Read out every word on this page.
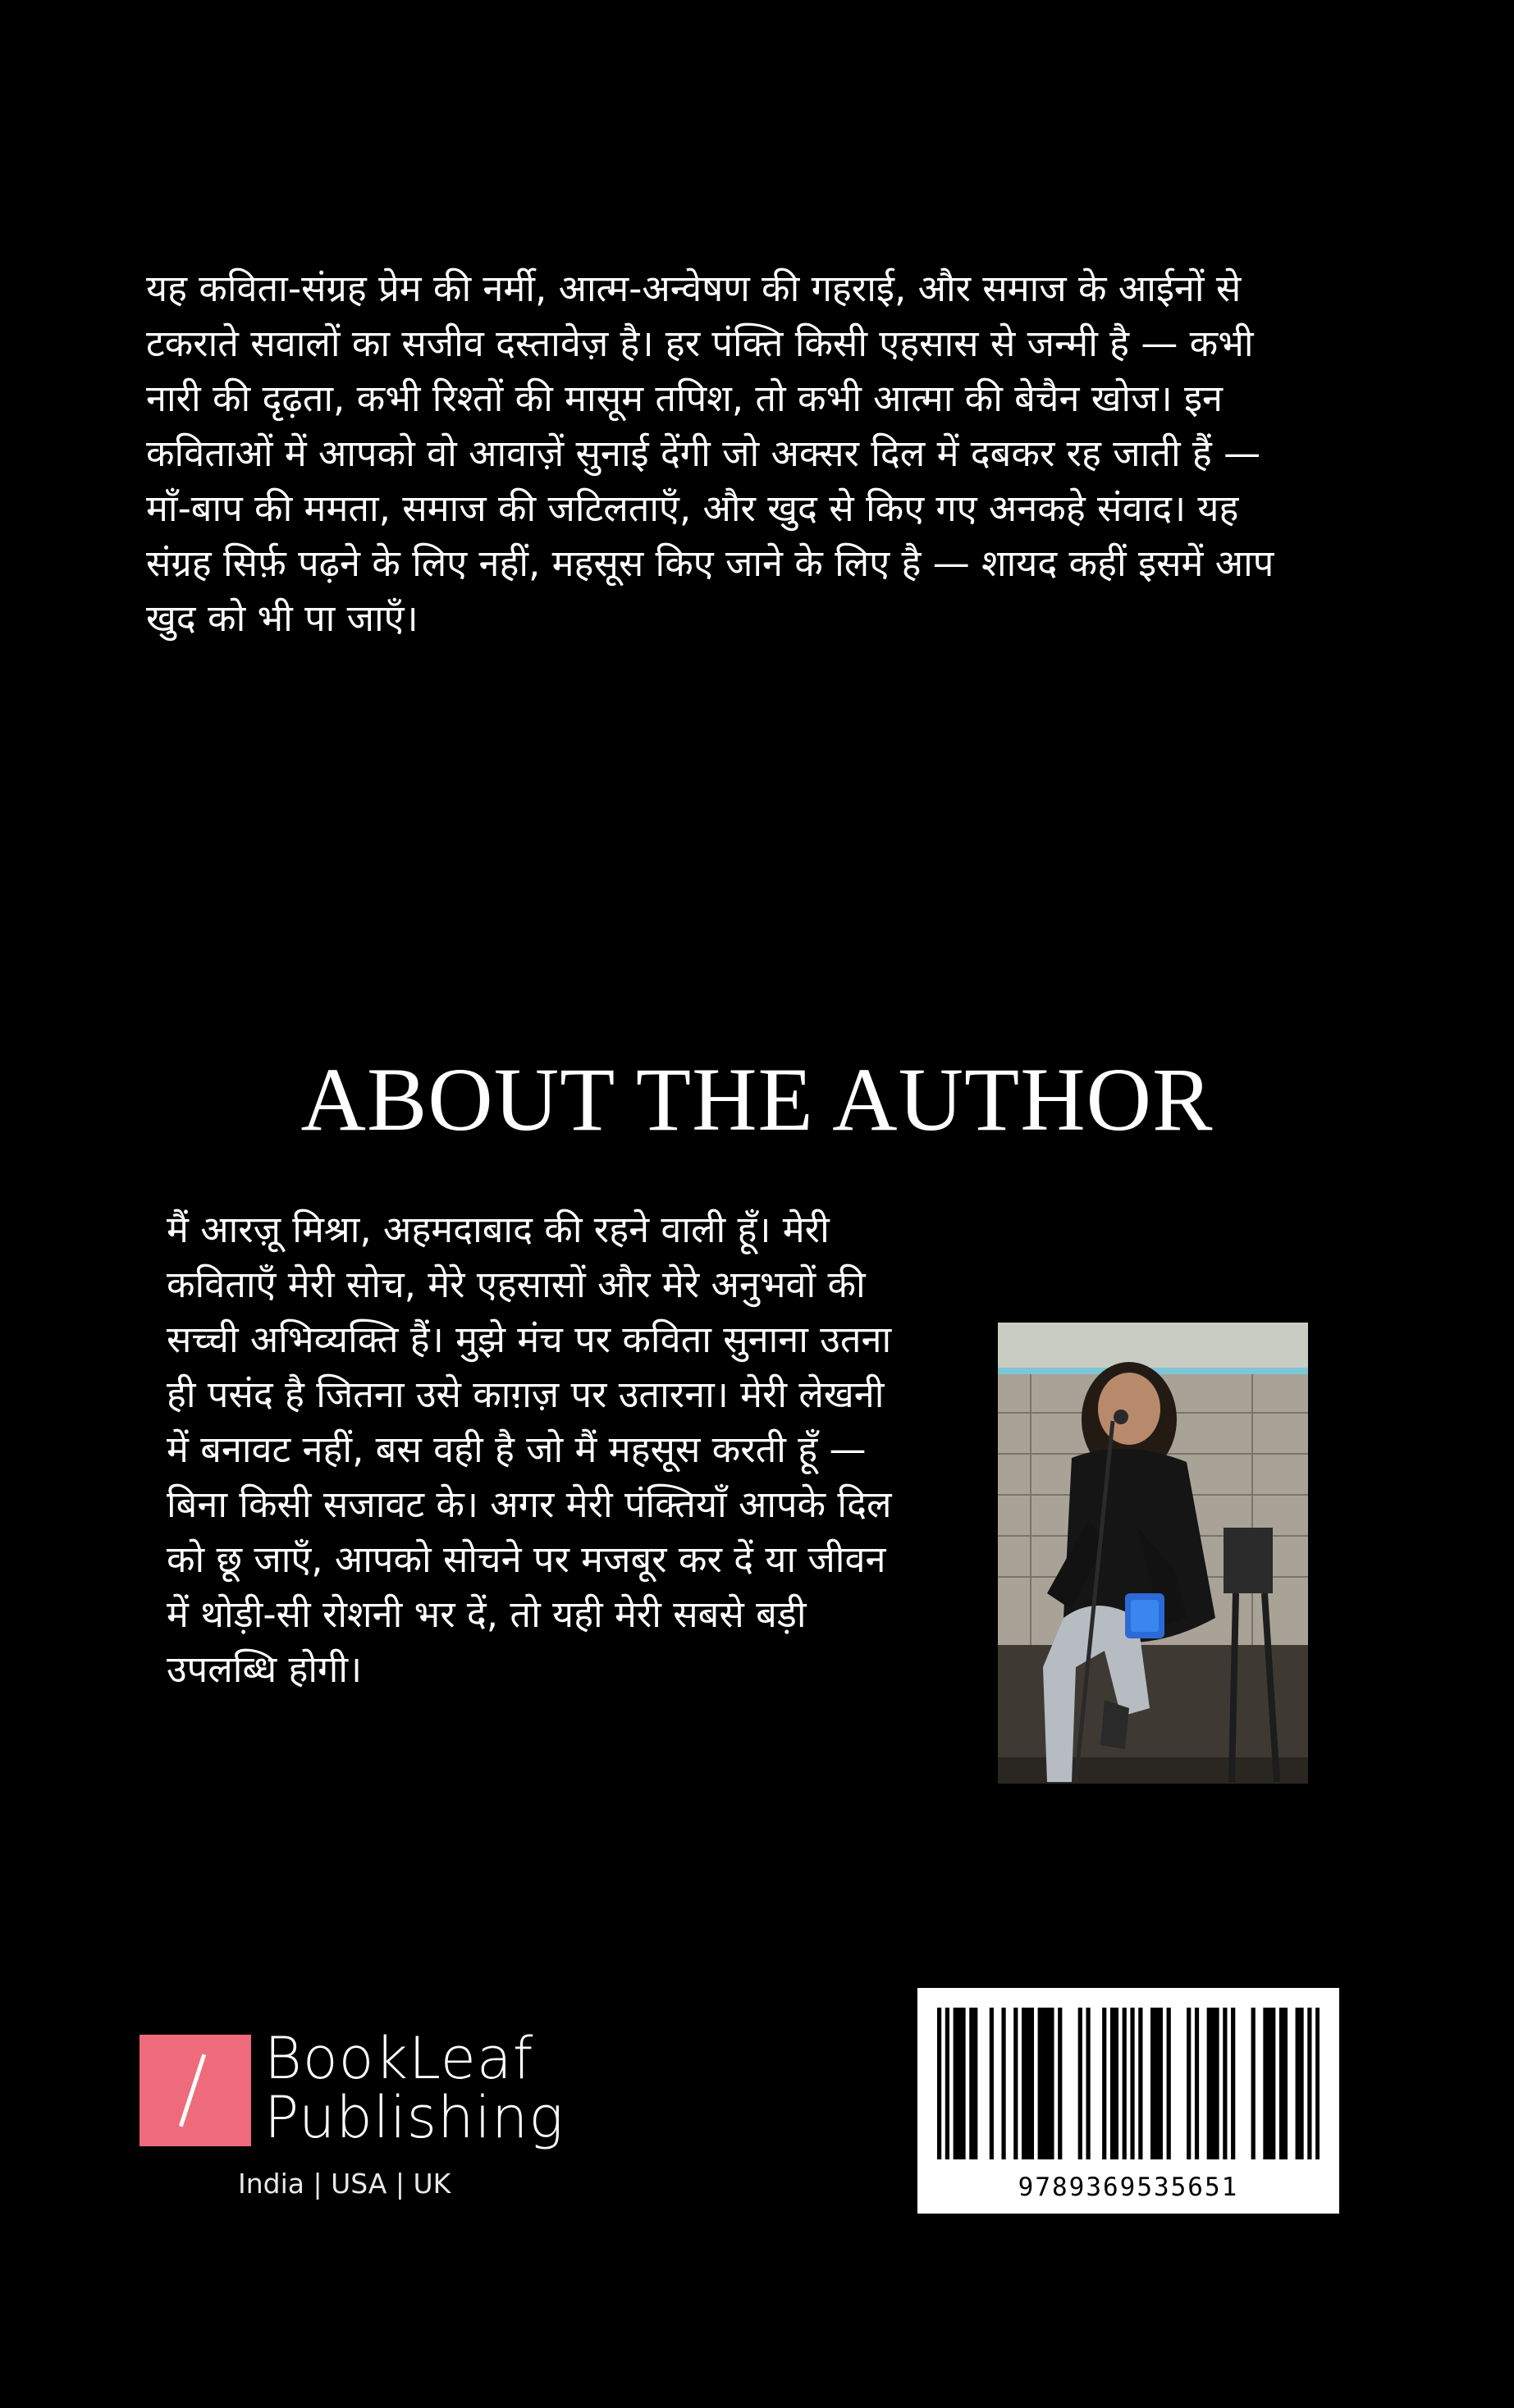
यह कविता-संग्रह प्रेम की नर्मी, आत्म-अन्वेषण की गहराई, और समाज के आईनों से टकराते सवालों का सजीव दस्तावेज़ है। हर पंक्ति किसी एहसास से जन्मी है — कभी नारी की दृढ़ता, कभी रिश्तों की मासूम तपिश, तो कभी आत्मा की बेचैन खोज। इन कविताओं में आपको वो आवाज़ें सुनाई देंगी जो अक्सर दिल में दबकर रह जाती हैं — माँ-बाप की ममता, समाज की जटिलताएँ, और खुद से किए गए अनकहे संवाद। यह संग्रह सिर्फ़ पढ़ने के लिए नहीं, महसूस किए जाने के लिए है — शायद कहीं इसमें आप खुद को भी पा जाएँ।
ABOUT THE AUTHOR
मैं आरज़ू मिश्रा, अहमदाबाद की रहने वाली हूँ। मेरी कविताएँ मेरी सोच, मेरे एहसासों और मेरे अनुभवों की सच्ची अभिव्यक्ति हैं। मुझे मंच पर कविता सुनाना उतना ही पसंद है जितना उसे काग़ज़ पर उतारना। मेरी लेखनी में बनावट नहीं, बस वही है जो मैं महसूस करती हूँ — बिना किसी सजावट के। अगर मेरी पंक्तियाँ आपके दिल को छू जाएँ, आपको सोचने पर मजबूर कर दें या जीवन में थोड़ी-सी रोशनी भर दें, तो यही मेरी सबसे बड़ी उपलब्धि होगी।
BookLeaf
Publishing
India | USA | UK	9789369535651
